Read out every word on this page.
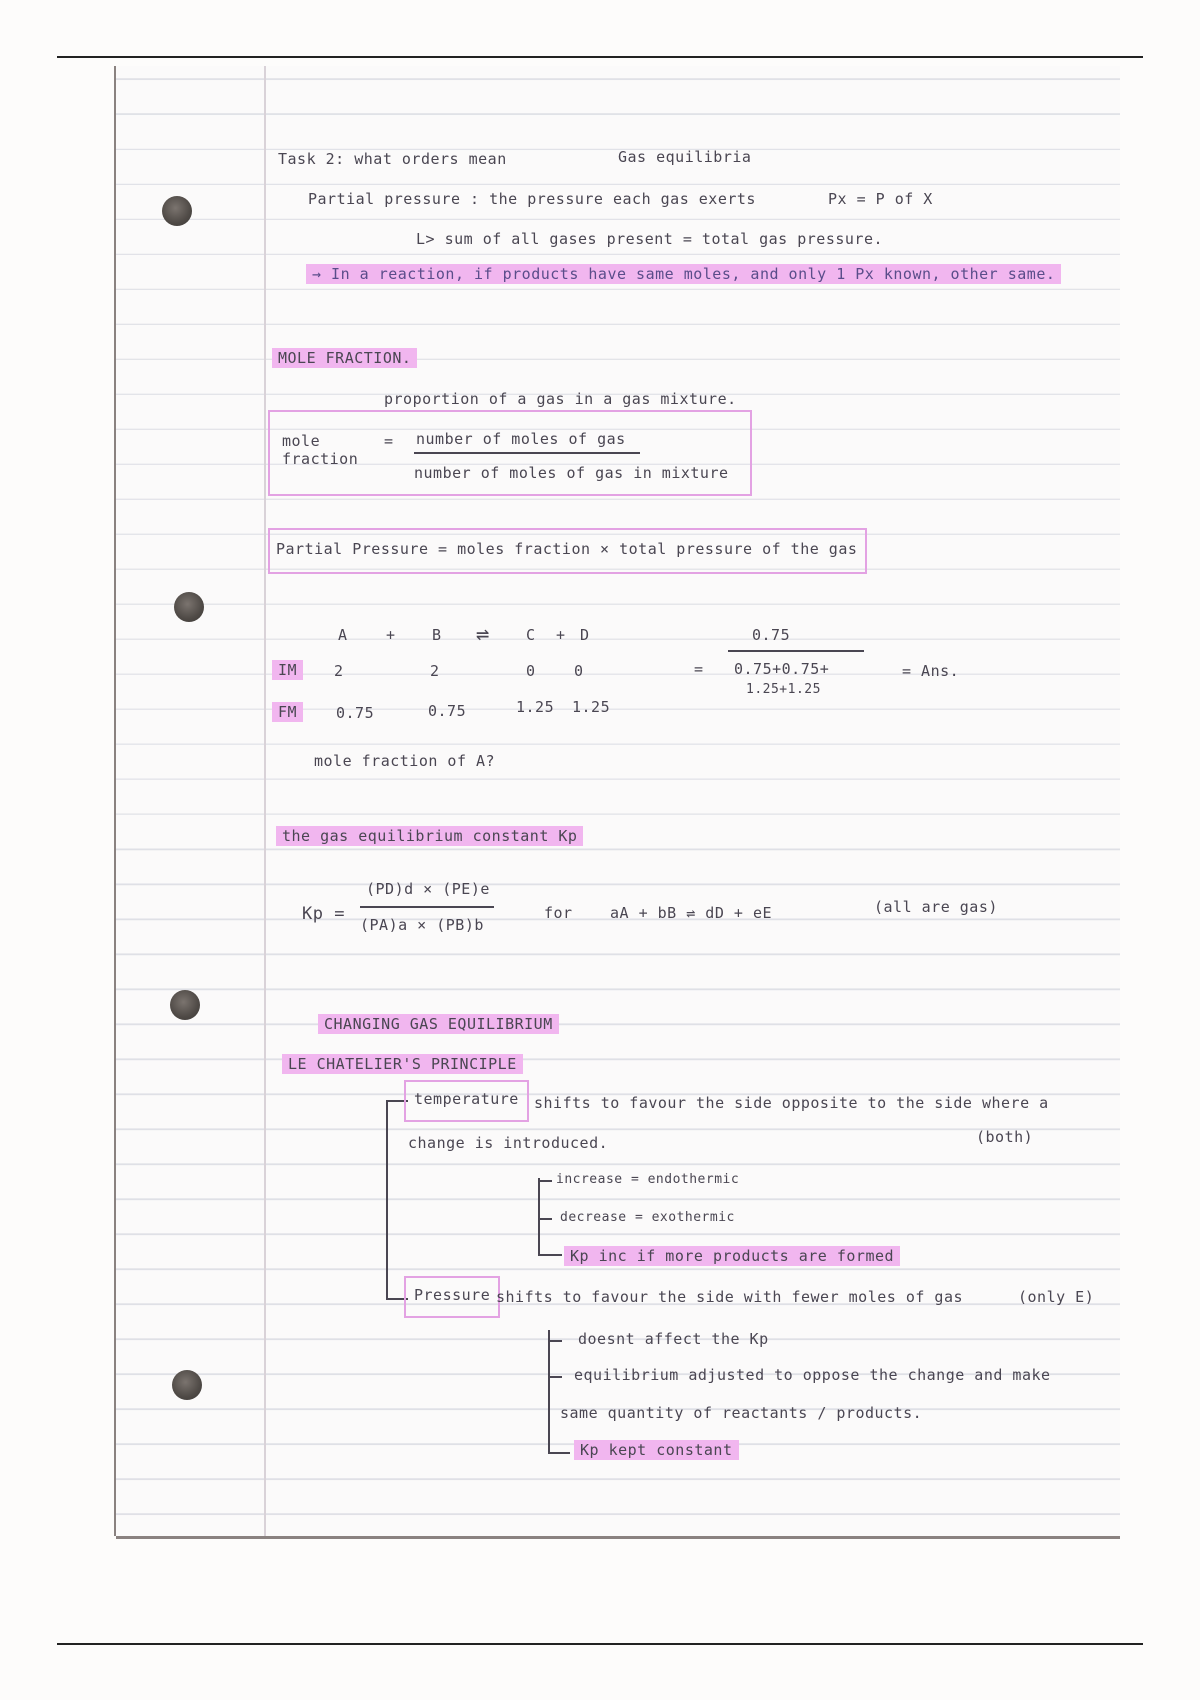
Task 2: what orders mean	Gas equilibria
Partial pressure : the pressure each gas exerts	Px = P of X
L> sum of all gases present = total gas pressure.
→ In a reaction, if products have same moles, and only 1 Px known, other same.
MOLE FRACTION.
proportion of a gas in a gas mixture.
mole fraction
= number of moles of gas
number of moles of gas in mixture
Partial Pressure = moles fraction × total pressure of the gas
A	+ B ⇌ C + D
IM	2	2	0	0
FM	0.75	0.75	1.25 1.25
mole fraction of A?
0.75
= 0.75+0.75+
1.25+1.25
= Ans.
the gas equilibrium constant Kp
Kp =
(PD)d × (PE)e
(PA)a × (PB)b
for aA + bB ⇌ dD + eE	(all are gas)
CHANGING GAS EQUILIBRIUM
LE CHATELIER'S PRINCIPLE
temperature	shifts to favour the side opposite to the side where a
change is introduced.	(both)
increase = endothermic
decrease = exothermic
Kp inc if more products are formed
Pressure shifts to favour the side with fewer moles of gas	(only E)
doesnt affect the Kp
equilibrium adjusted to oppose the change and make
same quantity of reactants / products.
Kp kept constant
